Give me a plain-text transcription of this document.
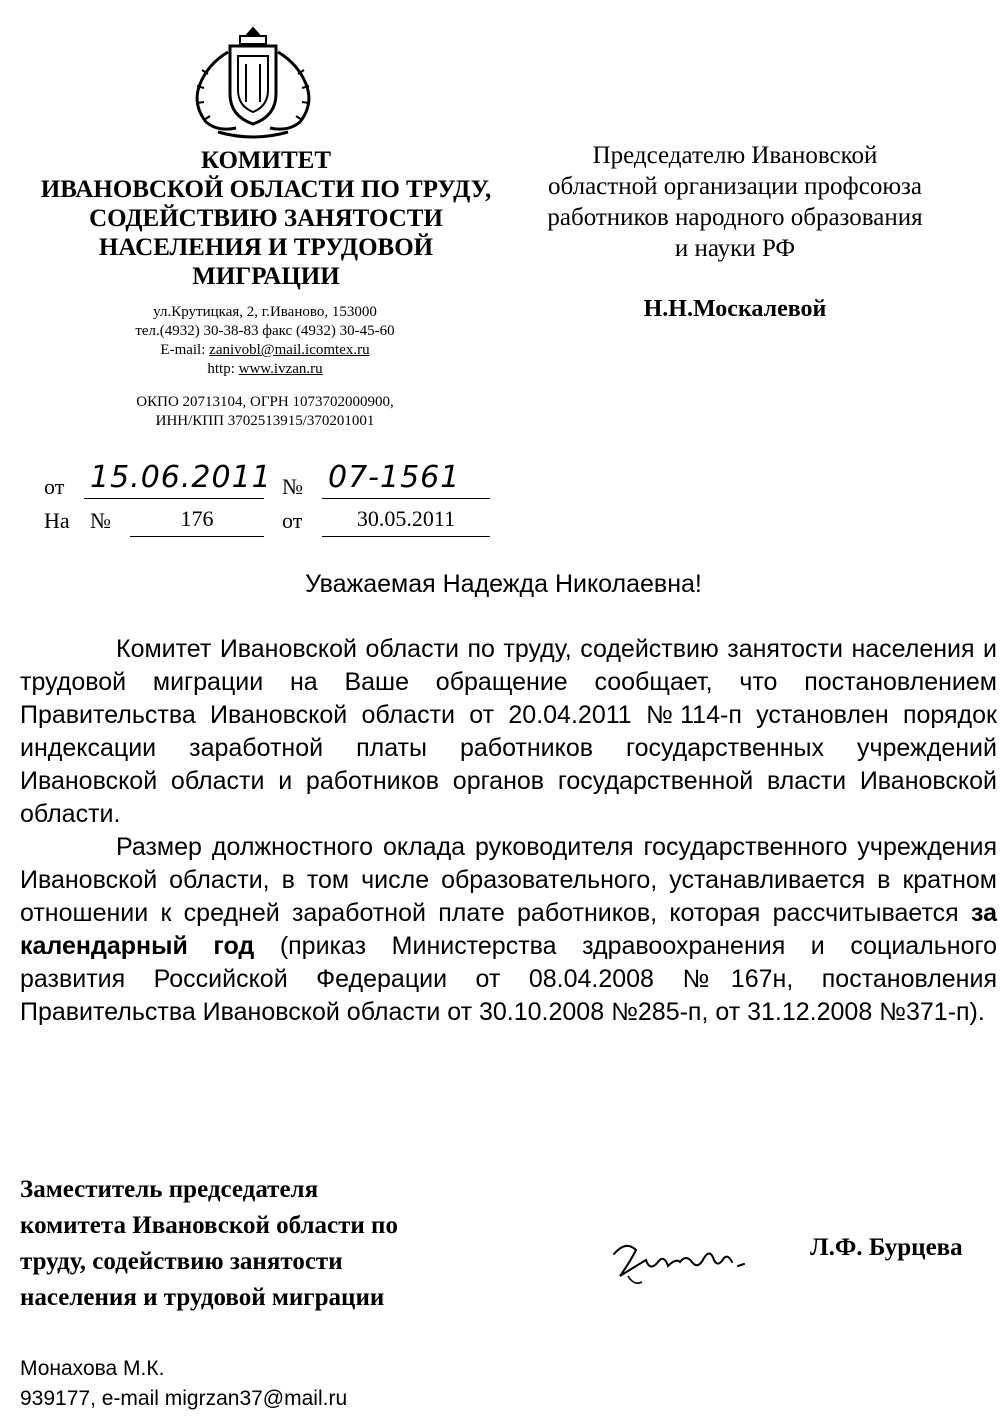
КОМИТЕТ
ИВАНОВСКОЙ ОБЛАСТИ ПО ТРУДУ,
СОДЕЙСТВИЮ ЗАНЯТОСТИ
НАСЕЛЕНИЯ И ТРУДОВОЙ
МИГРАЦИИ
ул.Крутицкая, 2, г.Иваново, 153000
тел.(4932) 30-38-83 факс (4932) 30-45-60
E-mail: zanivobl@mail.icomtex.ru
http: www.ivzan.ru
ОКПО 20713104, ОГРН 1073702000900,
ИНН/КПП 3702513915/370201001
Председателю Ивановской
областной организации профсоюза
работников народного образования
и науки РФ
Н.Н.Москалевой
от 15.06.2011 № 07-1561
На №	176	от	30.05.2011
Уважаемая Надежда Николаевна!

Комитет Ивановской области по труду, содействию занятости населения и трудовой миграции на Ваше обращение сообщает, что постановлением Правительства Ивановской области от 20.04.2011 №114-п установлен порядок индексации заработной платы работников государственных учреждений Ивановской области и работников органов государственной власти Ивановской области.

Размер должностного оклада руководителя государственного учреждения Ивановской области, в том числе образовательного, устанавливается в кратном отношении к средней заработной плате работников, которая рассчитывается за календарный год (приказ Министерства здравоохранения и социального развития Российской Федерации от 08.04.2008 №167н, постановления Правительства Ивановской области от 30.10.2008 №285-п, от 31.12.2008 №371-п).

Заместитель председателя
комитета Ивановской области по
труду, содействию занятости
населения и трудовой миграции
Л.Ф. Бурцева
Монахова М.К.
939177, e-mail migrzan37@mail.ru
